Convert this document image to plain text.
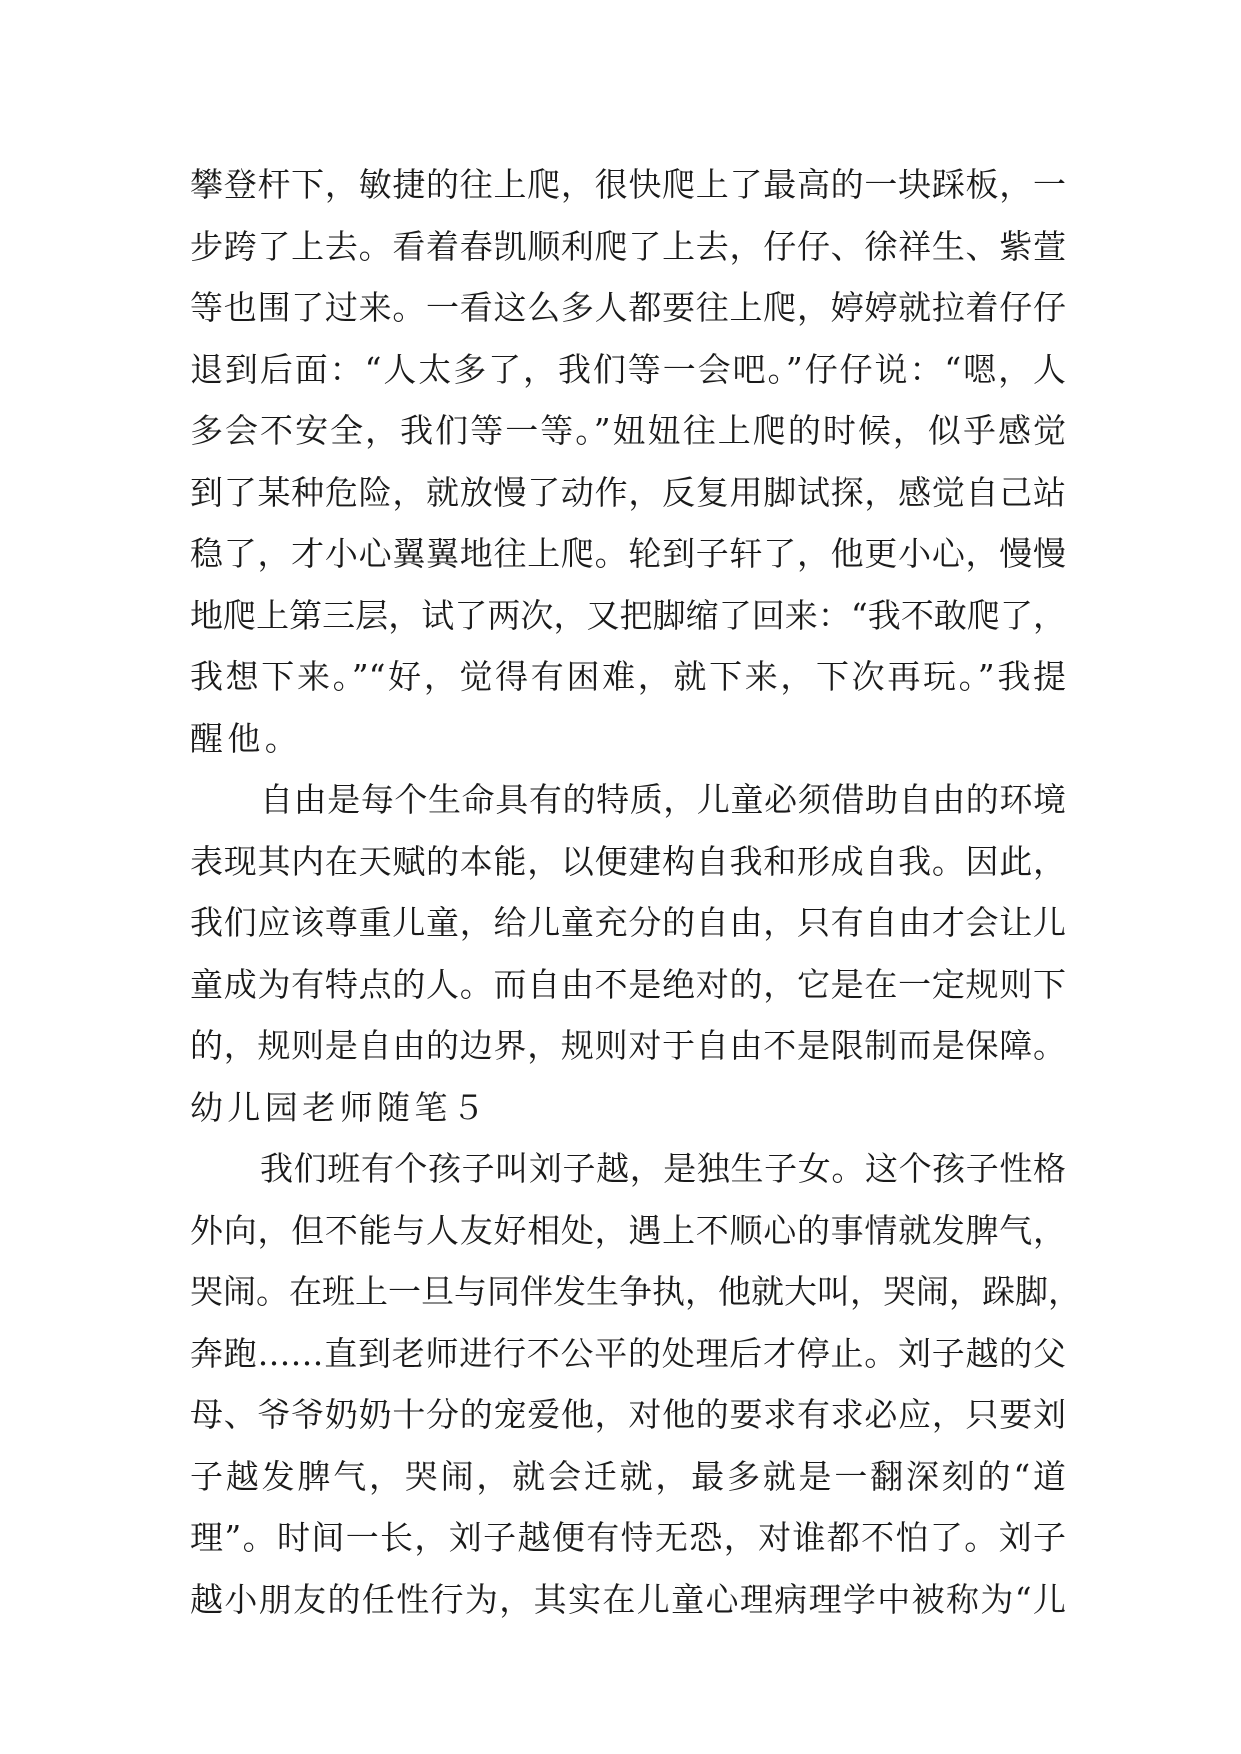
攀登杆下，敏捷的往上爬，很快爬上了最高的一块踩板，一
步跨了上去。看着春凯顺利爬了上去，仔仔、徐祥生、紫萱
等也围了过来。一看这么多人都要往上爬，婷婷就拉着仔仔
退到后面：“人太多了，我们等一会吧。”仔仔说：“嗯，人
多会不安全，我们等一等。”妞妞往上爬的时候，似乎感觉
到了某种危险，就放慢了动作，反复用脚试探，感觉自己站
稳了，才小心翼翼地往上爬。轮到子轩了，他更小心，慢慢
地爬上第三层，试了两次，又把脚缩了回来：“我不敢爬了，
我想下来。”“好，觉得有困难，就下来，下次再玩。”我提
醒他。
自由是每个生命具有的特质，儿童必须借助自由的环境
表现其内在天赋的本能，以便建构自我和形成自我。因此，
我们应该尊重儿童，给儿童充分的自由，只有自由才会让儿
童成为有特点的人。而自由不是绝对的，它是在一定规则下
的，规则是自由的边界，规则对于自由不是限制而是保障。
幼儿园老师随笔５
我们班有个孩子叫刘子越，是独生子女。这个孩子性格
外向，但不能与人友好相处，遇上不顺心的事情就发脾气，
哭闹。在班上一旦与同伴发生争执，他就大叫，哭闹，跺脚，
奔跑……直到老师进行不公平的处理后才停止。刘子越的父
母、爷爷奶奶十分的宠爱他，对他的要求有求必应，只要刘
子越发脾气，哭闹，就会迁就，最多就是一翻深刻的“道
理”。时间一长，刘子越便有恃无恐，对谁都不怕了。刘子
越小朋友的任性行为，其实在儿童心理病理学中被称为“儿
